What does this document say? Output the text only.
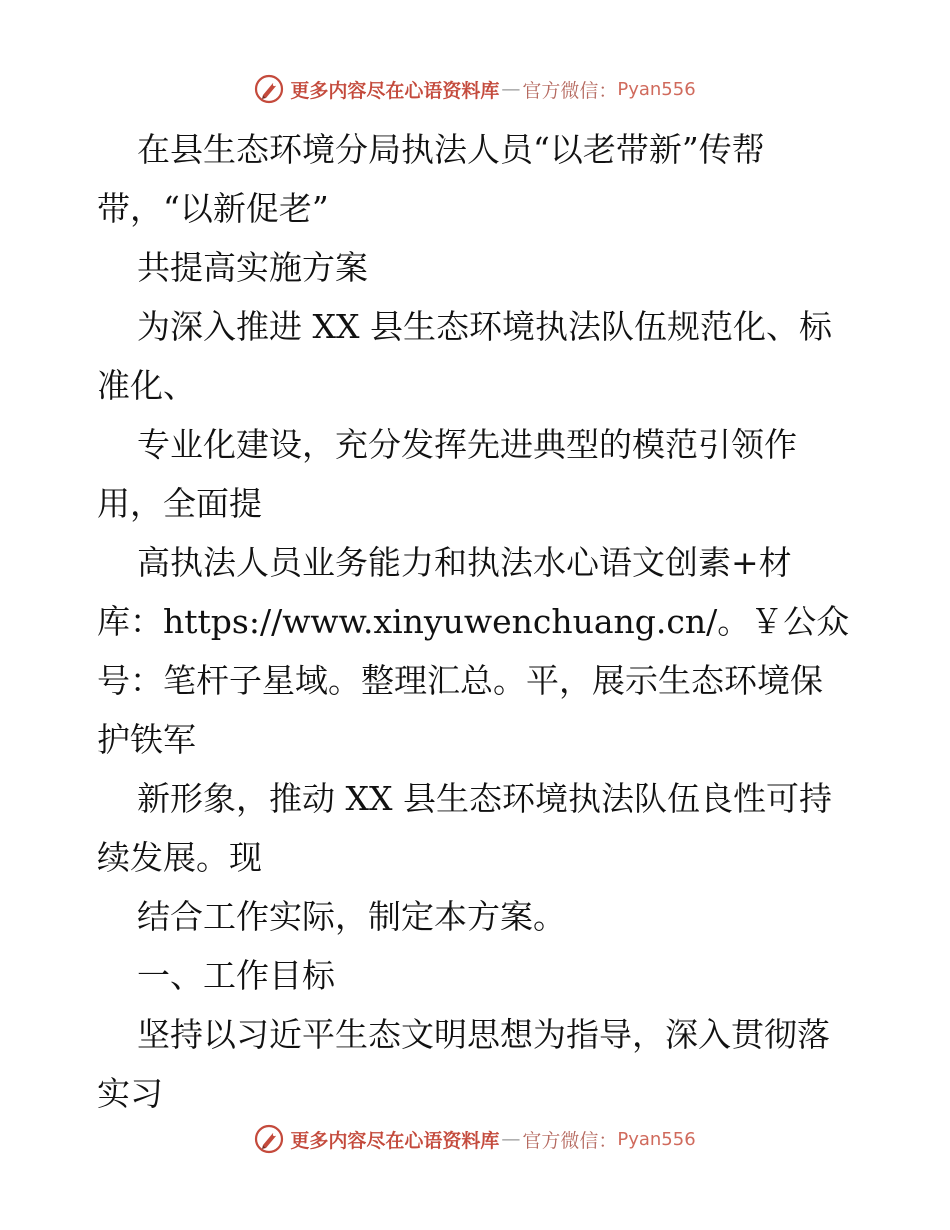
更多内容尽在心语资料库 — 官方微信： Pyan556
在县生态环境分局执法人员“以老带新”传帮
带，“以新促老”
共提高实施方案
为深入推进 XX 县生态环境执法队伍规范化、标
准化、
专业化建设，充分发挥先进典型的模范引领作
用，全面提
高执法人员业务能力和执法水心语文创素+材
库：https://www.xinyuwenchuang.cn/。￥公众
号：笔杆子星域。整理汇总。平，展示生态环境保
护铁军
新形象，推动 XX 县生态环境执法队伍良性可持
续发展。现
结合工作实际，制定本方案。
一、工作目标
坚持以习近平生态文明思想为指导，深入贯彻落
实习
更多内容尽在心语资料库 — 官方微信： Pyan556
